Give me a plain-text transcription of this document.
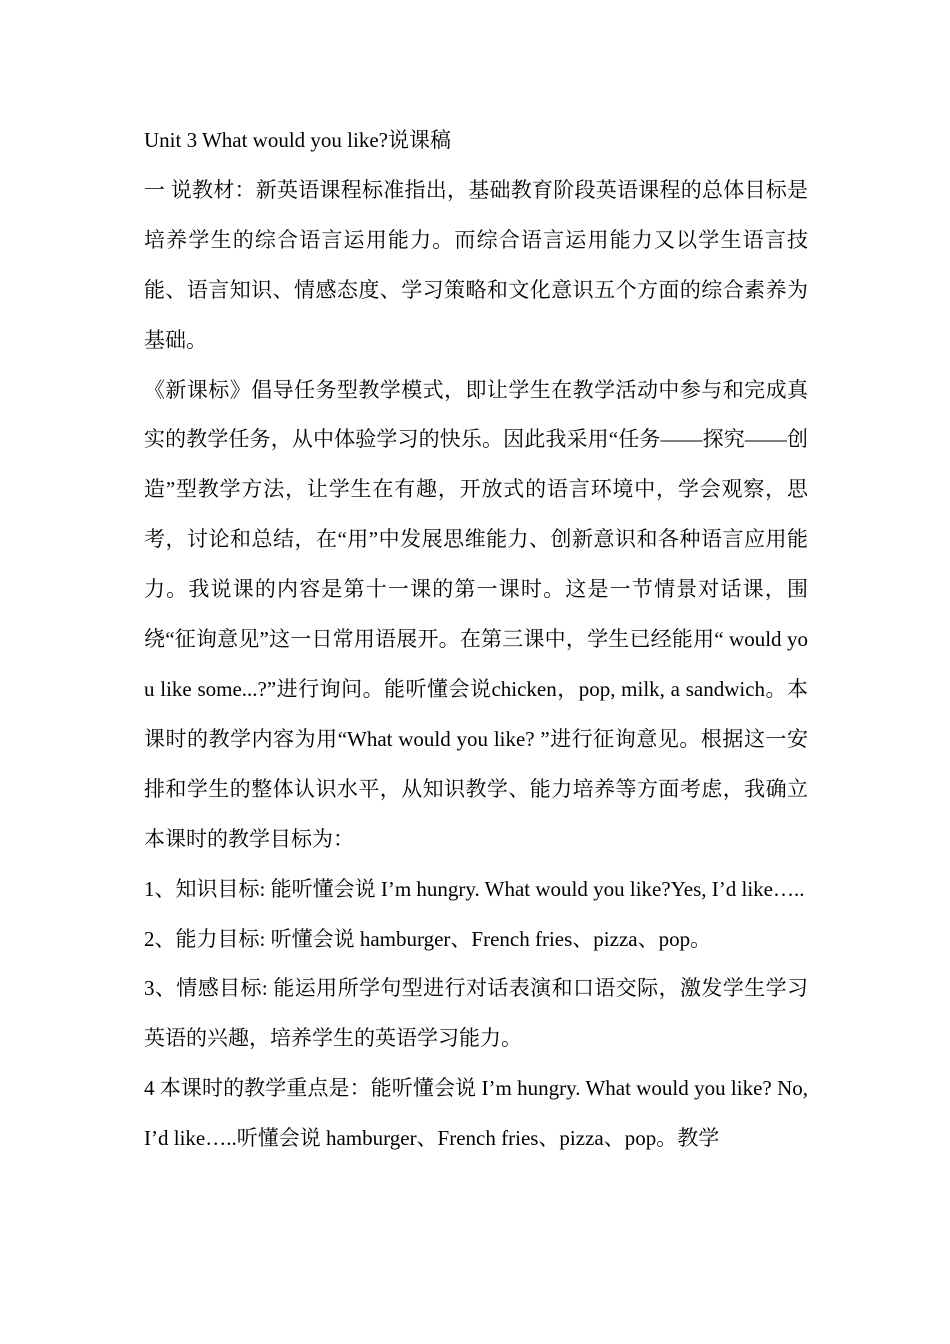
Unit 3 What would you like?说课稿

一 说教材：新英语课程标准指出，基础教育阶段英语课程的总体目标是培养学生的综合语言运用能力。而综合语言运用能力又以学生语言技能、语言知识、情感态度、学习策略和文化意识五个方面的综合素养为基础。

《新课标》倡导任务型教学模式，即让学生在教学活动中参与和完成真实的教学任务，从中体验学习的快乐。因此我采用“任务——探究——创造”型教学方法，让学生在有趣，开放式的语言环境中，学会观察，思考，讨论和总结，在“用”中发展思维能力、创新意识和各种语言应用能力。我说课的内容是第十一课的第一课时。这是一节情景对话课，围绕“征询意见”这一日常用语展开。在第三课中，学生已经能用“ would you like some...?”进行询问。能听懂会说chicken，pop, milk, a sandwich。本课时的教学内容为用“What would you like? ”进行征询意见。根据这一安排和学生的整体认识水平，从知识教学、能力培养等方面考虑，我确立本课时的教学目标为：

1、知识目标: 能听懂会说 I’m hungry. What would you like?Yes, I’d like…..

2、能力目标: 听懂会说 hamburger、French fries、pizza、pop。

3、情感目标: 能运用所学句型进行对话表演和口语交际，激发学生学习英语的兴趣，培养学生的英语学习能力。

4 本课时的教学重点是：能听懂会说 I’m hungry. What would you like? No, I’d like…..听懂会说 hamburger、French fries、pizza、pop。教学
